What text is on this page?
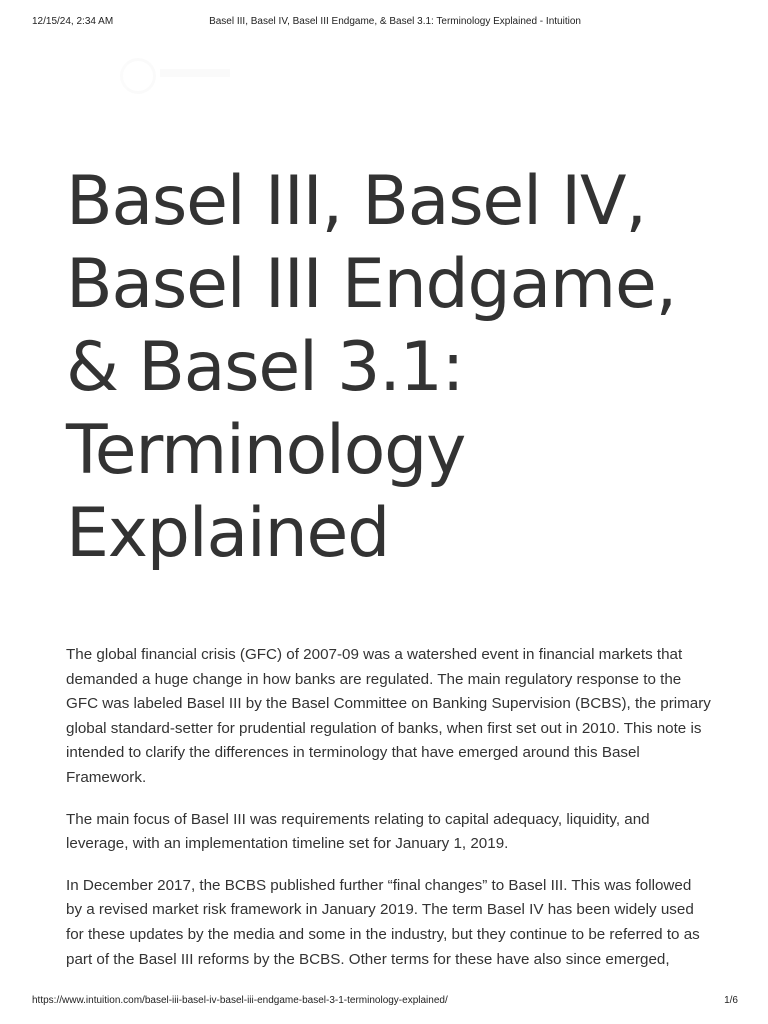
12/15/24, 2:34 AM	Basel III, Basel IV, Basel III Endgame, & Basel 3.1: Terminology Explained - Intuition
Basel III, Basel IV,
Basel III Endgame,
& Basel 3.1:
Terminology
Explained

The global financial crisis (GFC) of 2007-09 was a watershed event in financial markets that demanded a huge change in how banks are regulated. The main regulatory response to the GFC was labeled Basel III by the Basel Committee on Banking Supervision (BCBS), the primary global standard-setter for prudential regulation of banks, when first set out in 2010. This note is intended to clarify the differences in terminology that have emerged around this Basel Framework.

The main focus of Basel III was requirements relating to capital adequacy, liquidity, and leverage, with an implementation timeline set for January 1, 2019.

In December 2017, the BCBS published further “final changes” to Basel III. This was followed by a revised market risk framework in January 2019. The term Basel IV has been widely used for these updates by the media and some in the industry, but they continue to be referred to as part of the Basel III reforms by the BCBS. Other terms for these have also since emerged,

https://www.intuition.com/basel-iii-basel-iv-basel-iii-endgame-basel-3-1-terminology-explained/	1/6
